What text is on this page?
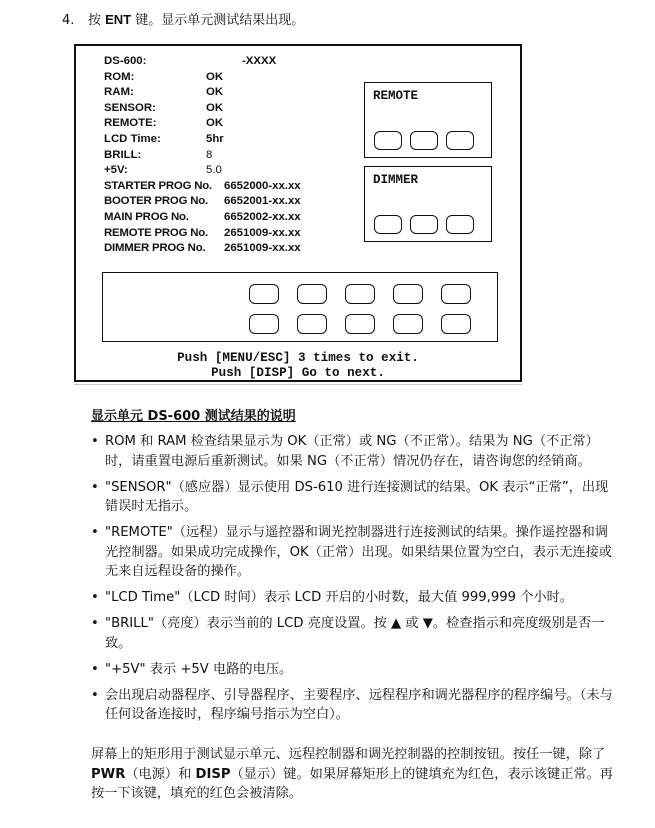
4. 按 ENT 键。显示单元测试结果出现。
DS-600:	-XXXX
ROM:	OK
RAM:	OK
SENSOR:	OK
REMOTE:	OK
LCD Time:	5hr
BRILL:	8
+5V:	5.0
STARTER PROG No. 6652000-xx.xx
BOOTER PROG No. 6652001-xx.xx
MAIN PROG No.	6652002-xx.xx
REMOTE PROG No. 2651009-xx.xx
DIMMER PROG No. 2651009-xx.xx
REMOTE
DIMMER
Push [MENU/ESC] 3 times to exit.
Push [DISP] Go to next.
显示单元 DS-600 测试结果的说明
• ROM 和 RAM 检查结果显示为 OK（正常）或 NG（不正常）。结果为 NG（不正常）时，请重置电源后重新测试。如果 NG（不正常）情况仍存在，请咨询您的经销商。
• "SENSOR"（感应器）显示使用 DS-610 进行连接测试的结果。OK 表示“正常”，出现错误时无指示。
• "REMOTE"（远程）显示与遥控器和调光控制器进行连接测试的结果。操作遥控器和调光控制器。如果成功完成操作，OK（正常）出现。如果结果位置为空白，表示无连接或无来自远程设备的操作。
• "LCD Time"（LCD 时间）表示 LCD 开启的小时数，最大值 999,999 个小时。
• "BRILL"（亮度）表示当前的 LCD 亮度设置。按 ▲ 或 ▼。检查指示和亮度级别是否一致。
• "+5V" 表示 +5V 电路的电压。
• 会出现启动器程序、引导器程序、主要程序、远程程序和调光器程序的程序编号。（未与任何设备连接时，程序编号指示为空白）。

屏幕上的矩形用于测试显示单元、远程控制器和调光控制器的控制按钮。按任一键，除了 PWR（电源）和 DISP（显示）键。如果屏幕矩形上的键填充为红色，表示该键正常。再按一下该键，填充的红色会被清除。
